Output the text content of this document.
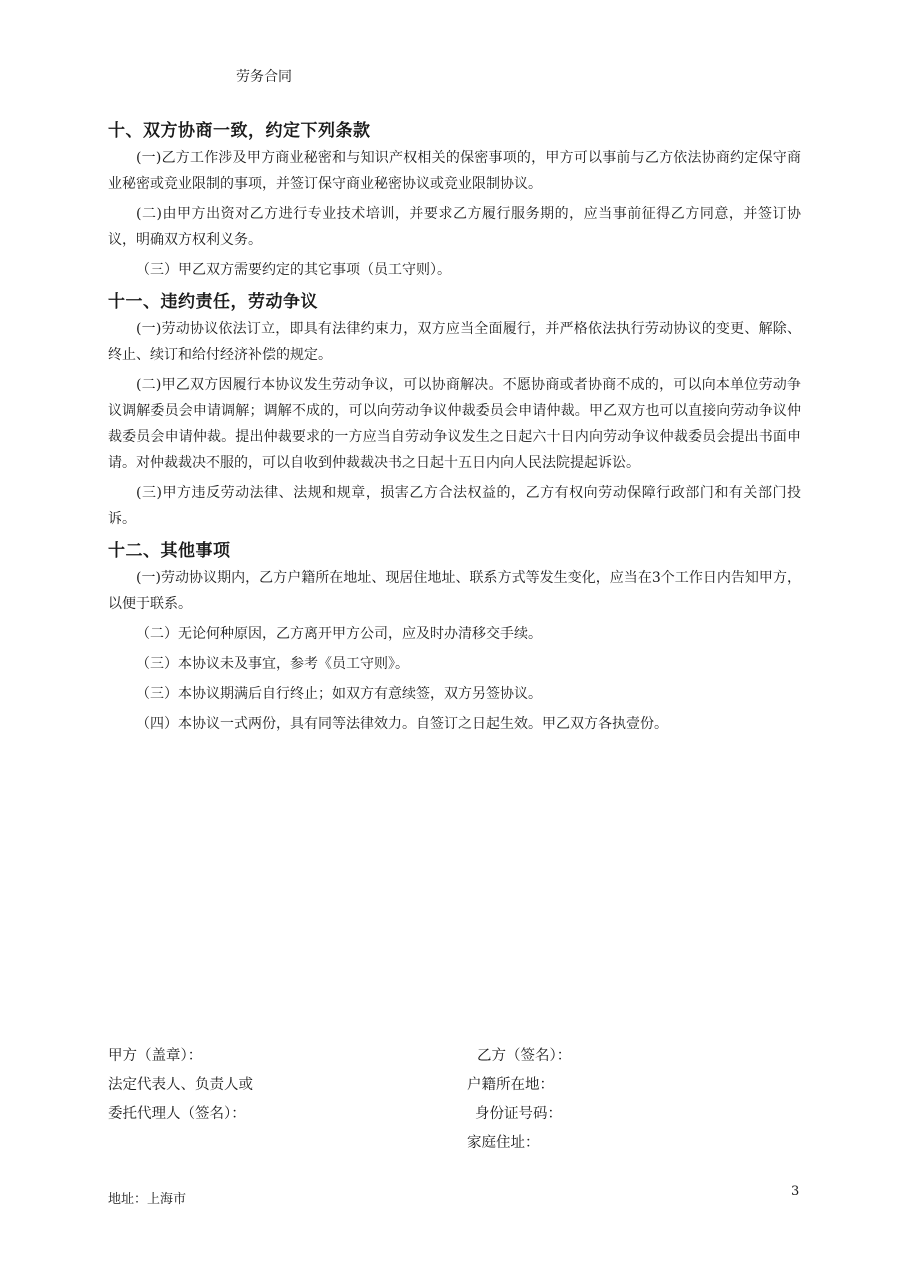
劳务合同
十、双方协商一致，约定下列条款

(一)乙方工作涉及甲方商业秘密和与知识产权相关的保密事项的，甲方可以事前与乙方依法协商约定保守商业秘密或竞业限制的事项，并签订保守商业秘密协议或竞业限制协议。

(二)由甲方出资对乙方进行专业技术培训，并要求乙方履行服务期的，应当事前征得乙方同意，并签订协议，明确双方权利义务。

（三）甲乙双方需要约定的其它事项（员工守则）。

十一、违约责任，劳动争议

(一)劳动协议依法订立，即具有法律约束力，双方应当全面履行，并严格依法执行劳动协议的变更、解除、终止、续订和给付经济补偿的规定。

(二)甲乙双方因履行本协议发生劳动争议，可以协商解决。不愿协商或者协商不成的，可以向本单位劳动争议调解委员会申请调解；调解不成的，可以向劳动争议仲裁委员会申请仲裁。甲乙双方也可以直接向劳动争议仲裁委员会申请仲裁。提出仲裁要求的一方应当自劳动争议发生之日起六十日内向劳动争议仲裁委员会提出书面申请。对仲裁裁决不服的，可以自收到仲裁裁决书之日起十五日内向人民法院提起诉讼。

(三)甲方违反劳动法律、法规和规章，损害乙方合法权益的，乙方有权向劳动保障行政部门和有关部门投诉。

十二、其他事项

(一)劳动协议期内，乙方户籍所在地址、现居住地址、联系方式等发生变化，应当在3个工作日内告知甲方，以便于联系。

（二）无论何种原因，乙方离开甲方公司，应及时办清移交手续。

（三）本协议未及事宜，参考《员工守则》。

（三）本协议期满后自行终止；如双方有意续签，双方另签协议。

（四）本协议一式两份，具有同等法律效力。自签订之日起生效。甲乙双方各执壹份。

甲方（盖章）：
法定代表人、负责人或
委托代理人（签名）：
乙方（签名）：
户籍所在地：
身份证号码：
家庭住址：
地址：上海市
3
